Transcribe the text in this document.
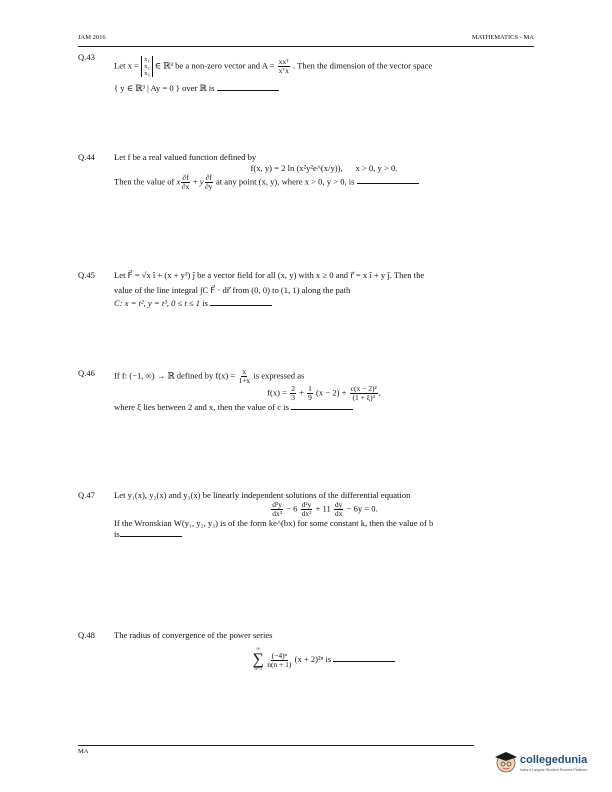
JAM 2016	MATHEMATICS - MA
Q.43

Let x = x₁
x₂
x₃ ∈ ℝ³ be a non-zero vector and $A = \frac{\text{xxᵀ}}{\text{xᵀx}}$ . Then the dimension of the vector space

{ y ∈ ℝ³ | Ay = 0 } over ℝ is

Q.44 Let f be a real valued function defined by

f(x, y) = 2 ln (x²y²e^(x/y)), x > 0, y > 0.

Then the value of x $\frac{\partial f}{\partial x} + y \frac{\partial f}{\partial y}$ at any point (x, y), where x > 0, y > 0, is

Q.45 Let F⃗ = √x î + (x + y³) ĵ be a vector field for all (x, y) with x ≥ 0 and r⃗ = x î + y ĵ. Then the

value of the line integral ∫C F⃗ · dr⃗ from (0, 0) to (1, 1) along the path

C: x = t², y = t³, 0 ≤ t ≤ 1 is

Q.46 If f: (−1, ∞) → ℝ defined by $f(x) = \frac{x}{1+x}$ is expressed as

$f(x) = \frac{2}{3} + \frac{1}{9} (x - 2) + \frac{\text{c(x − 2)²}}{\text{(1 + ξ)³}}$ ,

where ξ lies between 2 and x, then the value of c is

Q.47 Let y₁(x), y₂(x) and y₃(x) be linearly independent solutions of the differential equation

$\frac{\text{d³y}}{\text{dx³}} - 6 \frac{\text{d²y}}{\text{dx²}} + 11 \frac{dy}{dx} - 6y = 0$.

If the Wronskian W(y₁, y₂, y₃) is of the form ke^(bx) for some constant k, then the value of b

is

Q.48 The radius of convergence of the power series

∞
∑
n=1

$\frac{\text{(−4)ⁿ}}{n(n + 1)} (x + 2)^{2n}$ is

MA
collegedunia
India's Largest Student Review Platform
